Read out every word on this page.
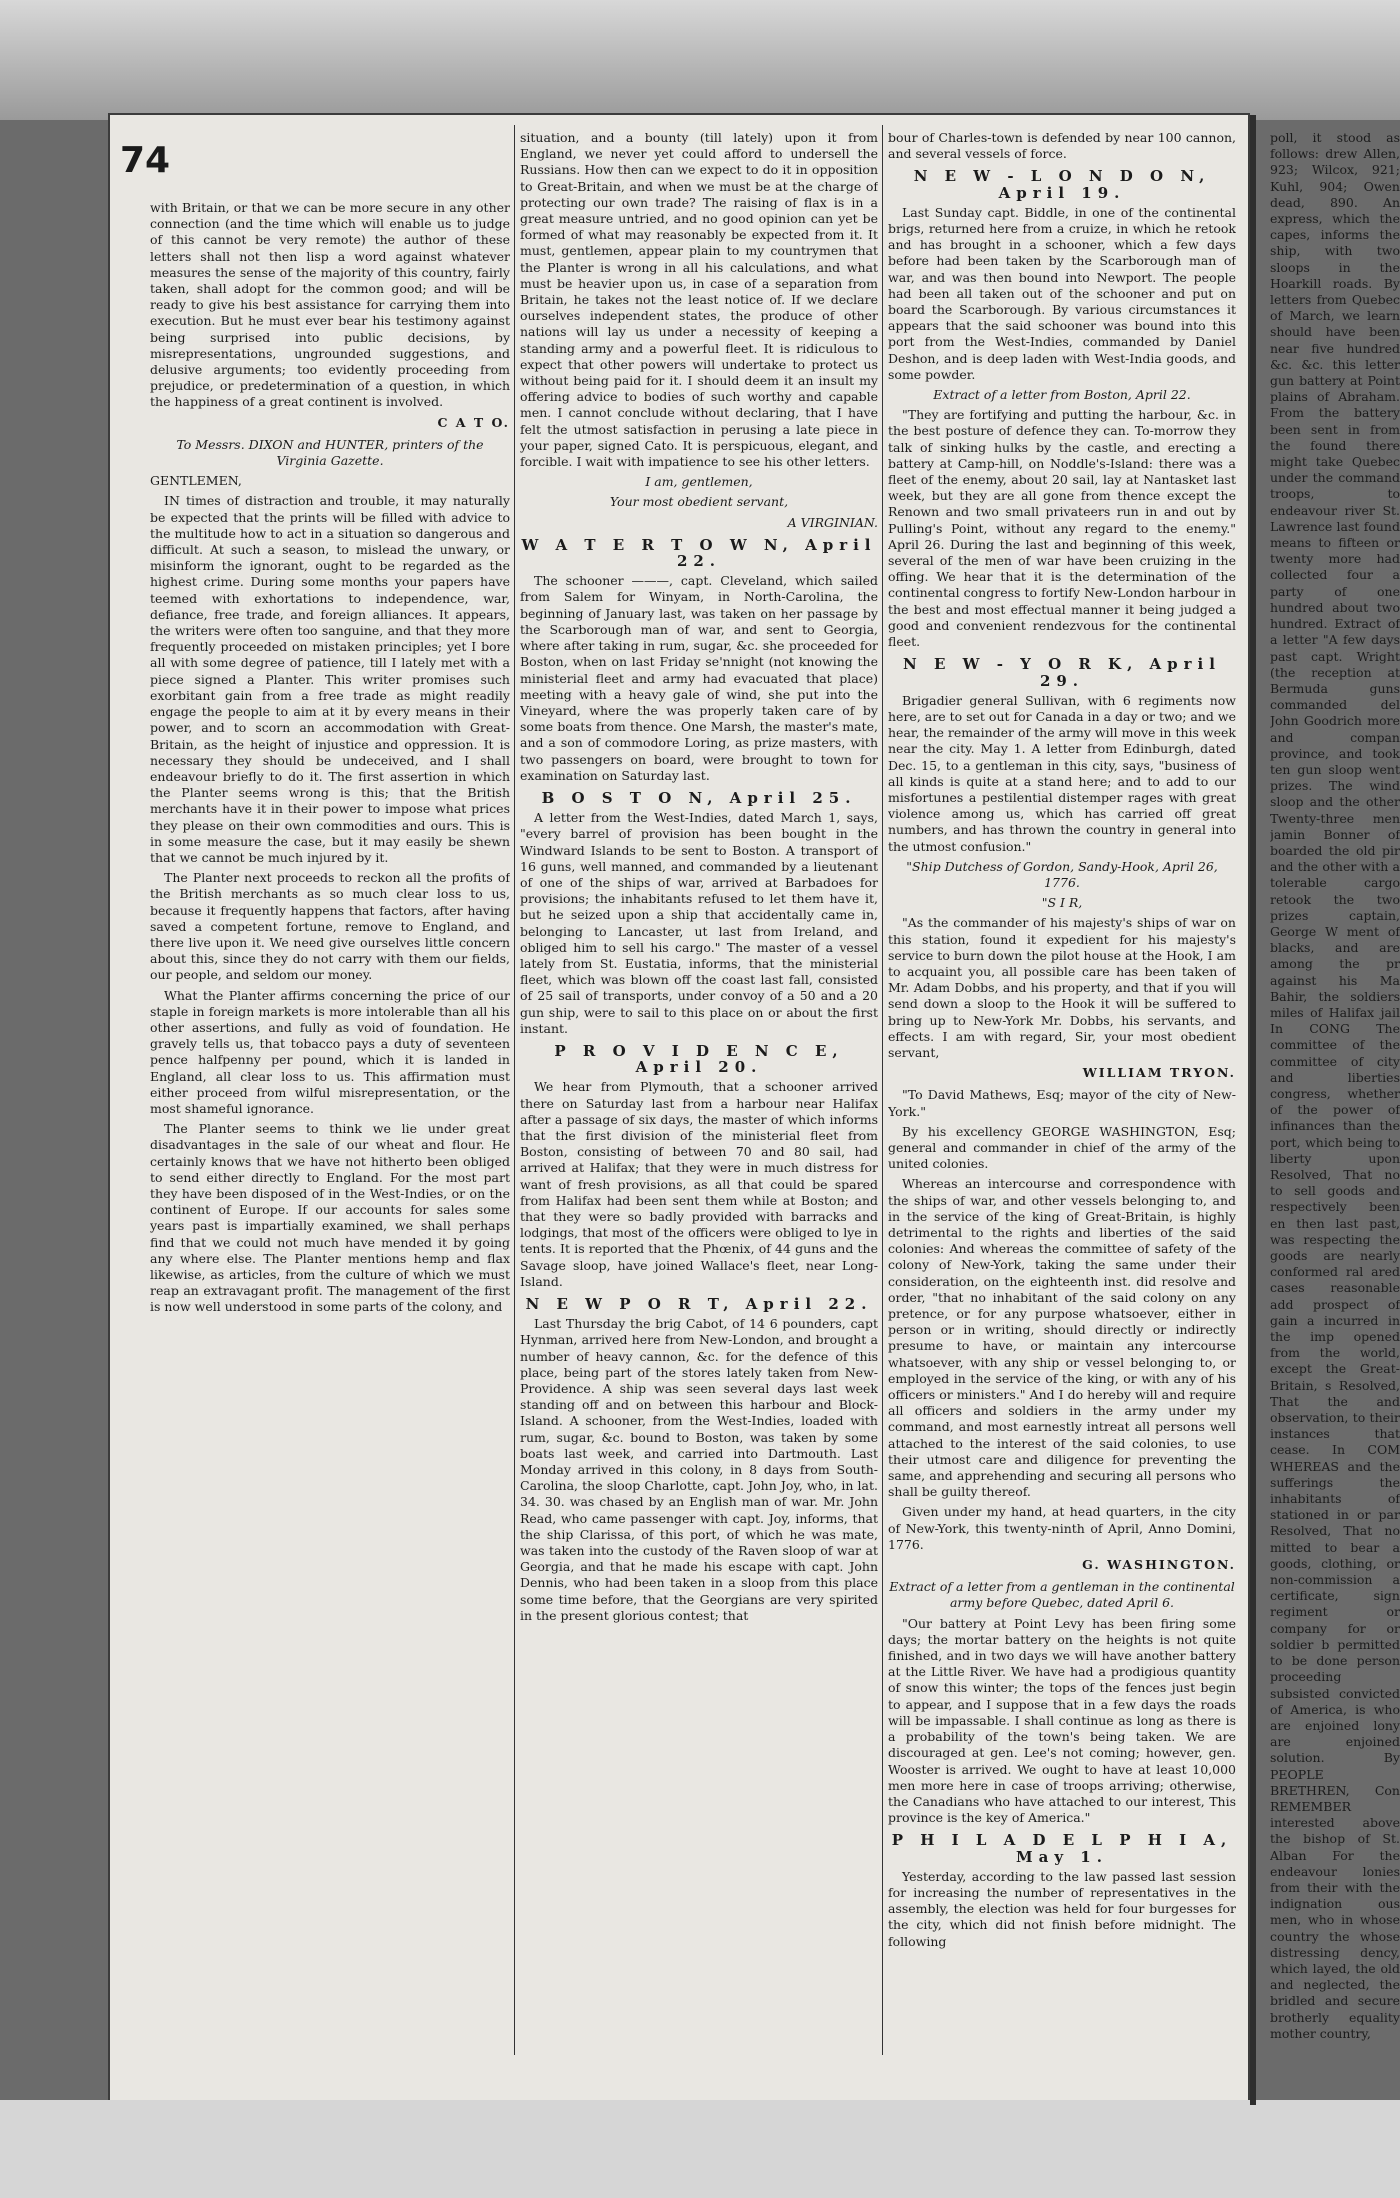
74

with Britain, or that we can be more secure in any other connection (and the time which will enable us to judge of this cannot be very remote) the author of these letters shall not then lisp a word against whatever measures the sense of the majority of this country, fairly taken, shall adopt for the common good; and will be ready to give his best assistance for carrying them into execution. But he must ever bear his testimony against being surprised into public decisions, by misrepresentations, ungrounded suggestions, and delusive arguments; too evidently proceeding from prejudice, or predetermination of a question, in which the happiness of a great continent is involved.

C A T O.
To Messrs. DIXON and HUNTER, printers of the Virginia Gazette.
GENTLEMEN,

IN times of distraction and trouble, it may naturally be expected that the prints will be filled with advice to the multitude how to act in a situation so dangerous and difficult. At such a season, to mislead the unwary, or misinform the ignorant, ought to be regarded as the highest crime. During some months your papers have teemed with exhortations to independence, war, defiance, free trade, and foreign alliances. It appears, the writers were often too sanguine, and that they more frequently proceeded on mistaken principles; yet I bore all with some degree of patience, till I lately met with a piece signed a Planter. This writer promises such exorbitant gain from a free trade as might readily engage the people to aim at it by every means in their power, and to scorn an accommodation with Great-Britain, as the height of injustice and oppression. It is necessary they should be undeceived, and I shall endeavour briefly to do it. The first assertion in which the Planter seems wrong is this; that the British merchants have it in their power to impose what prices they please on their own commodities and ours. This is in some measure the case, but it may easily be shewn that we cannot be much injured by it.

The Planter next proceeds to reckon all the profits of the British merchants as so much clear loss to us, because it frequently happens that factors, after having saved a competent fortune, remove to England, and there live upon it. We need give ourselves little concern about this, since they do not carry with them our fields, our people, and seldom our money.

What the Planter affirms concerning the price of our staple in foreign markets is more intolerable than all his other assertions, and fully as void of foundation. He gravely tells us, that tobacco pays a duty of seventeen pence halfpenny per pound, which it is landed in England, all clear loss to us. This affirmation must either proceed from wilful misrepresentation, or the most shameful ignorance.

The Planter seems to think we lie under great disadvantages in the sale of our wheat and flour. He certainly knows that we have not hitherto been obliged to send either directly to England. For the most part they have been disposed of in the West-Indies, or on the continent of Europe. If our accounts for sales some years past is impartially examined, we shall perhaps find that we could not much have mended it by going any where else. The Planter mentions hemp and flax likewise, as articles, from the culture of which we must reap an extravagant profit. The management of the first is now well understood in some parts of the colony, and

situation, and a bounty (till lately) upon it from England, we never yet could afford to undersell the Russians. How then can we expect to do it in opposition to Great-Britain, and when we must be at the charge of protecting our own trade? The raising of flax is in a great measure untried, and no good opinion can yet be formed of what may reasonably be expected from it. It must, gentlemen, appear plain to my countrymen that the Planter is wrong in all his calculations, and what must be heavier upon us, in case of a separation from Britain, he takes not the least notice of. If we declare ourselves independent states, the produce of other nations will lay us under a necessity of keeping a standing army and a powerful fleet. It is ridiculous to expect that other powers will undertake to protect us without being paid for it. I should deem it an insult my offering advice to bodies of such worthy and capable men. I cannot conclude without declaring, that I have felt the utmost satisfaction in perusing a late piece in your paper, signed Cato. It is perspicuous, elegant, and forcible. I wait with impatience to see his other letters.

I am, gentlemen,
Your most obedient servant,
A VIRGINIAN.
W A T E R T O W N, April 22.

The schooner ———, capt. Cleveland, which sailed from Salem for Winyam, in North-Carolina, the beginning of January last, was taken on her passage by the Scarborough man of war, and sent to Georgia, where after taking in rum, sugar, &c. she proceeded for Boston, when on last Friday se'nnight (not knowing the ministerial fleet and army had evacuated that place) meeting with a heavy gale of wind, she put into the Vineyard, where the was properly taken care of by some boats from thence. One Marsh, the master's mate, and a son of commodore Loring, as prize masters, with two passengers on board, were brought to town for examination on Saturday last.

B O S T O N, April 25.

A letter from the West-Indies, dated March 1, says, "every barrel of provision has been bought in the Windward Islands to be sent to Boston. A transport of 16 guns, well manned, and commanded by a lieutenant of one of the ships of war, arrived at Barbadoes for provisions; the inhabitants refused to let them have it, but he seized upon a ship that accidentally came in, belonging to Lancaster, ut last from Ireland, and obliged him to sell his cargo." The master of a vessel lately from St. Eustatia, informs, that the ministerial fleet, which was blown off the coast last fall, consisted of 25 sail of transports, under convoy of a 50 and a 20 gun ship, were to sail to this place on or about the first instant.

P R O V I D E N C E, April 20.

We hear from Plymouth, that a schooner arrived there on Saturday last from a harbour near Halifax after a passage of six days, the master of which informs that the first division of the ministerial fleet from Boston, consisting of between 70 and 80 sail, had arrived at Halifax; that they were in much distress for want of fresh provisions, as all that could be spared from Halifax had been sent them while at Boston; and that they were so badly provided with barracks and lodgings, that most of the officers were obliged to lye in tents. It is reported that the Phœnix, of 44 guns and the Savage sloop, have joined Wallace's fleet, near Long-Island.

N E W P O R T, April 22.

Last Thursday the brig Cabot, of 14 6 pounders, capt Hynman, arrived here from New-London, and brought a number of heavy cannon, &c. for the defence of this place, being part of the stores lately taken from New-Providence. A ship was seen several days last week standing off and on between this harbour and Block-Island. A schooner, from the West-Indies, loaded with rum, sugar, &c. bound to Boston, was taken by some boats last week, and carried into Dartmouth. Last Monday arrived in this colony, in 8 days from South-Carolina, the sloop Charlotte, capt. John Joy, who, in lat. 34. 30. was chased by an English man of war. Mr. John Read, who came passenger with capt. Joy, informs, that the ship Clarissa, of this port, of which he was mate, was taken into the custody of the Raven sloop of war at Georgia, and that he made his escape with capt. John Dennis, who had been taken in a sloop from this place some time before, that the Georgians are very spirited in the present glorious contest; that

bour of Charles-town is defended by near 100 cannon, and several vessels of force.

N E W - L O N D O N, April 19.

Last Sunday capt. Biddle, in one of the continental brigs, returned here from a cruize, in which he retook and has brought in a schooner, which a few days before had been taken by the Scarborough man of war, and was then bound into Newport. The people had been all taken out of the schooner and put on board the Scarborough. By various circumstances it appears that the said schooner was bound into this port from the West-Indies, commanded by Daniel Deshon, and is deep laden with West-India goods, and some powder.

Extract of a letter from Boston, April 22.

"They are fortifying and putting the harbour, &c. in the best posture of defence they can. To-morrow they talk of sinking hulks by the castle, and erecting a battery at Camp-hill, on Noddle's-Island: there was a fleet of the enemy, about 20 sail, lay at Nantasket last week, but they are all gone from thence except the Renown and two small privateers run in and out by Pulling's Point, without any regard to the enemy." April 26. During the last and beginning of this week, several of the men of war have been cruizing in the offing. We hear that it is the determination of the continental congress to fortify New-London harbour in the best and most effectual manner it being judged a good and convenient rendezvous for the continental fleet.

N E W - Y O R K, April 29.

Brigadier general Sullivan, with 6 regiments now here, are to set out for Canada in a day or two; and we hear, the remainder of the army will move in this week near the city. May 1. A letter from Edinburgh, dated Dec. 15, to a gentleman in this city, says, "business of all kinds is quite at a stand here; and to add to our misfortunes a pestilential distemper rages with great violence among us, which has carried off great numbers, and has thrown the country in general into the utmost confusion."

"Ship Dutchess of Gordon, Sandy-Hook, April 26, 1776.
"S I R,

"As the commander of his majesty's ships of war on this station, found it expedient for his majesty's service to burn down the pilot house at the Hook, I am to acquaint you, all possible care has been taken of Mr. Adam Dobbs, and his property, and that if you will send down a sloop to the Hook it will be suffered to bring up to New-York Mr. Dobbs, his servants, and effects. I am with regard, Sir, your most obedient servant,

WILLIAM TRYON.

"To David Mathews, Esq; mayor of the city of New-York."

By his excellency GEORGE WASHINGTON, Esq; general and commander in chief of the army of the united colonies.

Whereas an intercourse and correspondence with the ships of war, and other vessels belonging to, and in the service of the king of Great-Britain, is highly detrimental to the rights and liberties of the said colonies: And whereas the committee of safety of the colony of New-York, taking the same under their consideration, on the eighteenth inst. did resolve and order, "that no inhabitant of the said colony on any pretence, or for any purpose whatsoever, either in person or in writing, should directly or indirectly presume to have, or maintain any intercourse whatsoever, with any ship or vessel belonging to, or employed in the service of the king, or with any of his officers or ministers." And I do hereby will and require all officers and soldiers in the army under my command, and most earnestly intreat all persons well attached to the interest of the said colonies, to use their utmost care and diligence for preventing the same, and apprehending and securing all persons who shall be guilty thereof.

Given under my hand, at head quarters, in the city of New-York, this twenty-ninth of April, Anno Domini, 1776.

G. WASHINGTON.
Extract of a letter from a gentleman in the continental army before Quebec, dated April 6.

"Our battery at Point Levy has been firing some days; the mortar battery on the heights is not quite finished, and in two days we will have another battery at the Little River. We have had a prodigious quantity of snow this winter; the tops of the fences just begin to appear, and I suppose that in a few days the roads will be impassable. I shall continue as long as there is a probability of the town's being taken. We are discouraged at gen. Lee's not coming; however, gen. Wooster is arrived. We ought to have at least 10,000 men more here in case of troops arriving; otherwise, the Canadians who have attached to our interest, This province is the key of America."

P H I L A D E L P H I A, May 1.

Yesterday, according to the law passed last session for increasing the number of representatives in the assembly, the election was held for four burgesses for the city, which did not finish before midnight. The following

poll, it stood as follows: drew Allen, 923; Wilcox, 921; Kuhl, 904; Owen dead, 890. An express, which the capes, informs the ship, with two sloops in the Hoarkill roads. By letters from Quebec of March, we learn should have been near five hundred &c. &c. this letter gun battery at Point plains of Abraham. From the battery been sent in from the found there might take Quebec under the command troops, to endeavour river St. Lawrence last found means to fifteen or twenty more had collected four a party of one hundred about two hundred. Extract of a letter "A few days past capt. Wright (the reception at Bermuda guns commanded del John Goodrich more and compan province, and took ten gun sloop went prizes. The wind sloop and the other Twenty-three men jamin Bonner of boarded the old pir and the other with a tolerable cargo retook the two prizes captain, George W ment of blacks, and are among the pr against his Ma Bahir, the soldiers miles of Halifax jail In CONG The committee of the committee of city and liberties congress, whether of the power of infinances than the port, which being to liberty upon Resolved, That no to sell goods and respectively been en then last past, was respecting the goods are nearly conformed ral ared cases reasonable add prospect of gain a incurred in the imp opened from the world, except the Great-Britain, s Resolved, That the and observation, to their instances that cease. In COM WHEREAS and the sufferings the inhabitants of stationed in or par Resolved, That no mitted to bear a goods, clothing, or non-commission a certificate, sign regiment or company for or soldier b permitted to be done person proceeding subsisted convicted of America, is who are enjoined lony are enjoined solution. By PEOPLE BRETHREN, Con REMEMBER interested above the bishop of St. Alban For the endeavour lonies from their with the indignation ous men, who in whose country the whose distressing dency, which layed, the old and neglected, the bridled and secure brotherly equality mother country,
